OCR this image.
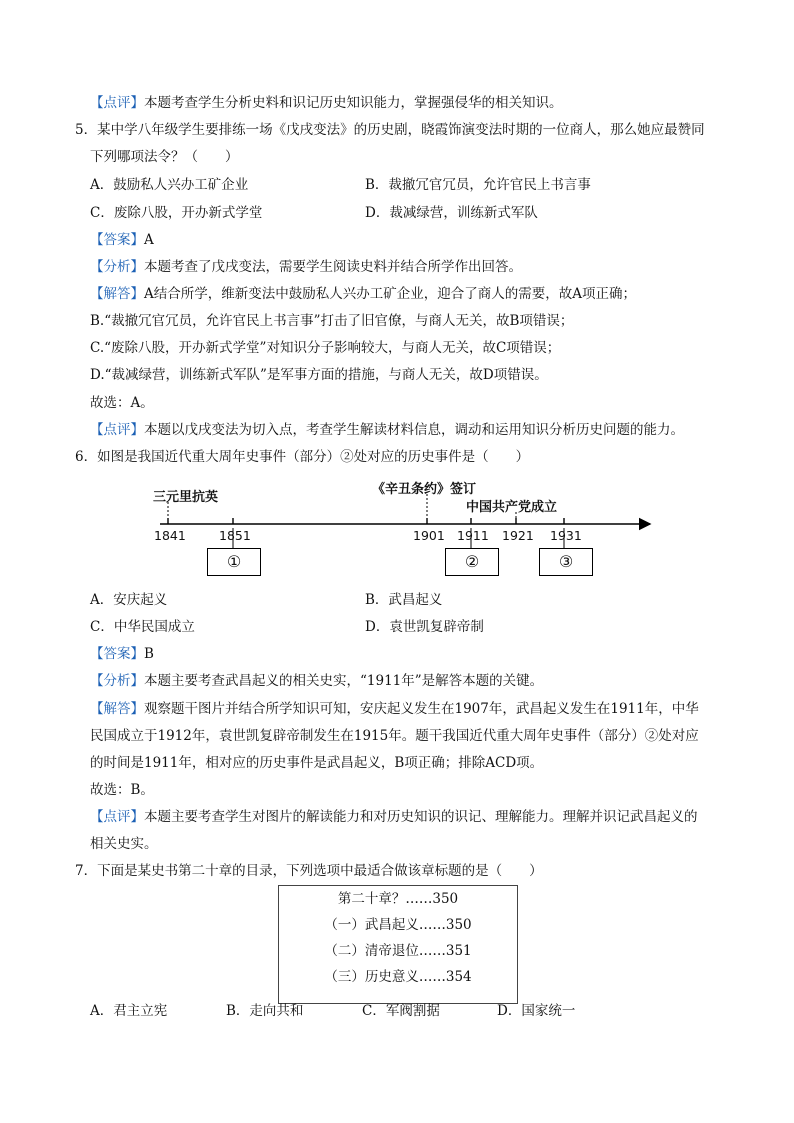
【点评】本题考查学生分析史料和识记历史知识能力，掌握强侵华的相关知识。
5．某中学八年级学生要排练一场《戊戌变法》的历史剧，晓霞饰演变法时期的一位商人，那么她应最赞同
下列哪项法令？（　　）
A．鼓励私人兴办工矿企业	B．裁撤冗官冗员，允许官民上书言事
C．废除八股，开办新式学堂	D．裁减绿营，训练新式军队
【答案】A
【分析】本题考查了戊戌变法，需要学生阅读史料并结合所学作出回答。
【解答】A结合所学，维新变法中鼓励私人兴办工矿企业，迎合了商人的需要，故A项正确；
B.“裁撤冗官冗员，允许官民上书言事”打击了旧官僚，与商人无关，故B项错误；
C.“废除八股，开办新式学堂”对知识分子影响较大，与商人无关，故C项错误；
D.“裁减绿营，训练新式军队”是军事方面的措施，与商人无关，故D项错误。
故选：A。
【点评】本题以戊戌变法为切入点，考查学生解读材料信息，调动和运用知识分析历史问题的能力。
6．如图是我国近代重大周年史事件（部分）②处对应的历史事件是（　　）
三元里抗英
《辛丑条约》签订
中国共产党成立
1841	1851	1901 1911 1921 1931
①	②	③
A．安庆起义	B．武昌起义
C．中华民国成立	D．袁世凯复辟帝制
【答案】B
【分析】本题主要考查武昌起义的相关史实，“1911年”是解答本题的关键。
【解答】观察题干图片并结合所学知识可知，安庆起义发生在1907年，武昌起义发生在1911年，中华
民国成立于1912年，袁世凯复辟帝制发生在1915年。题干我国近代重大周年史事件（部分）②处对应
的时间是1911年，相对应的历史事件是武昌起义，B项正确；排除ACD项。
故选：B。
【点评】本题主要考查学生对图片的解读能力和对历史知识的识记、理解能力。理解并识记武昌起义的
相关史实。
7．下面是某史书第二十章的目录，下列选项中最适合做该章标题的是（　　）
第二十章？……350
（一）武昌起义……350
（二）清帝退位……351
（三）历史意义……354
A．君主立宪	B．走向共和	C．军阀割据	D．国家统一
